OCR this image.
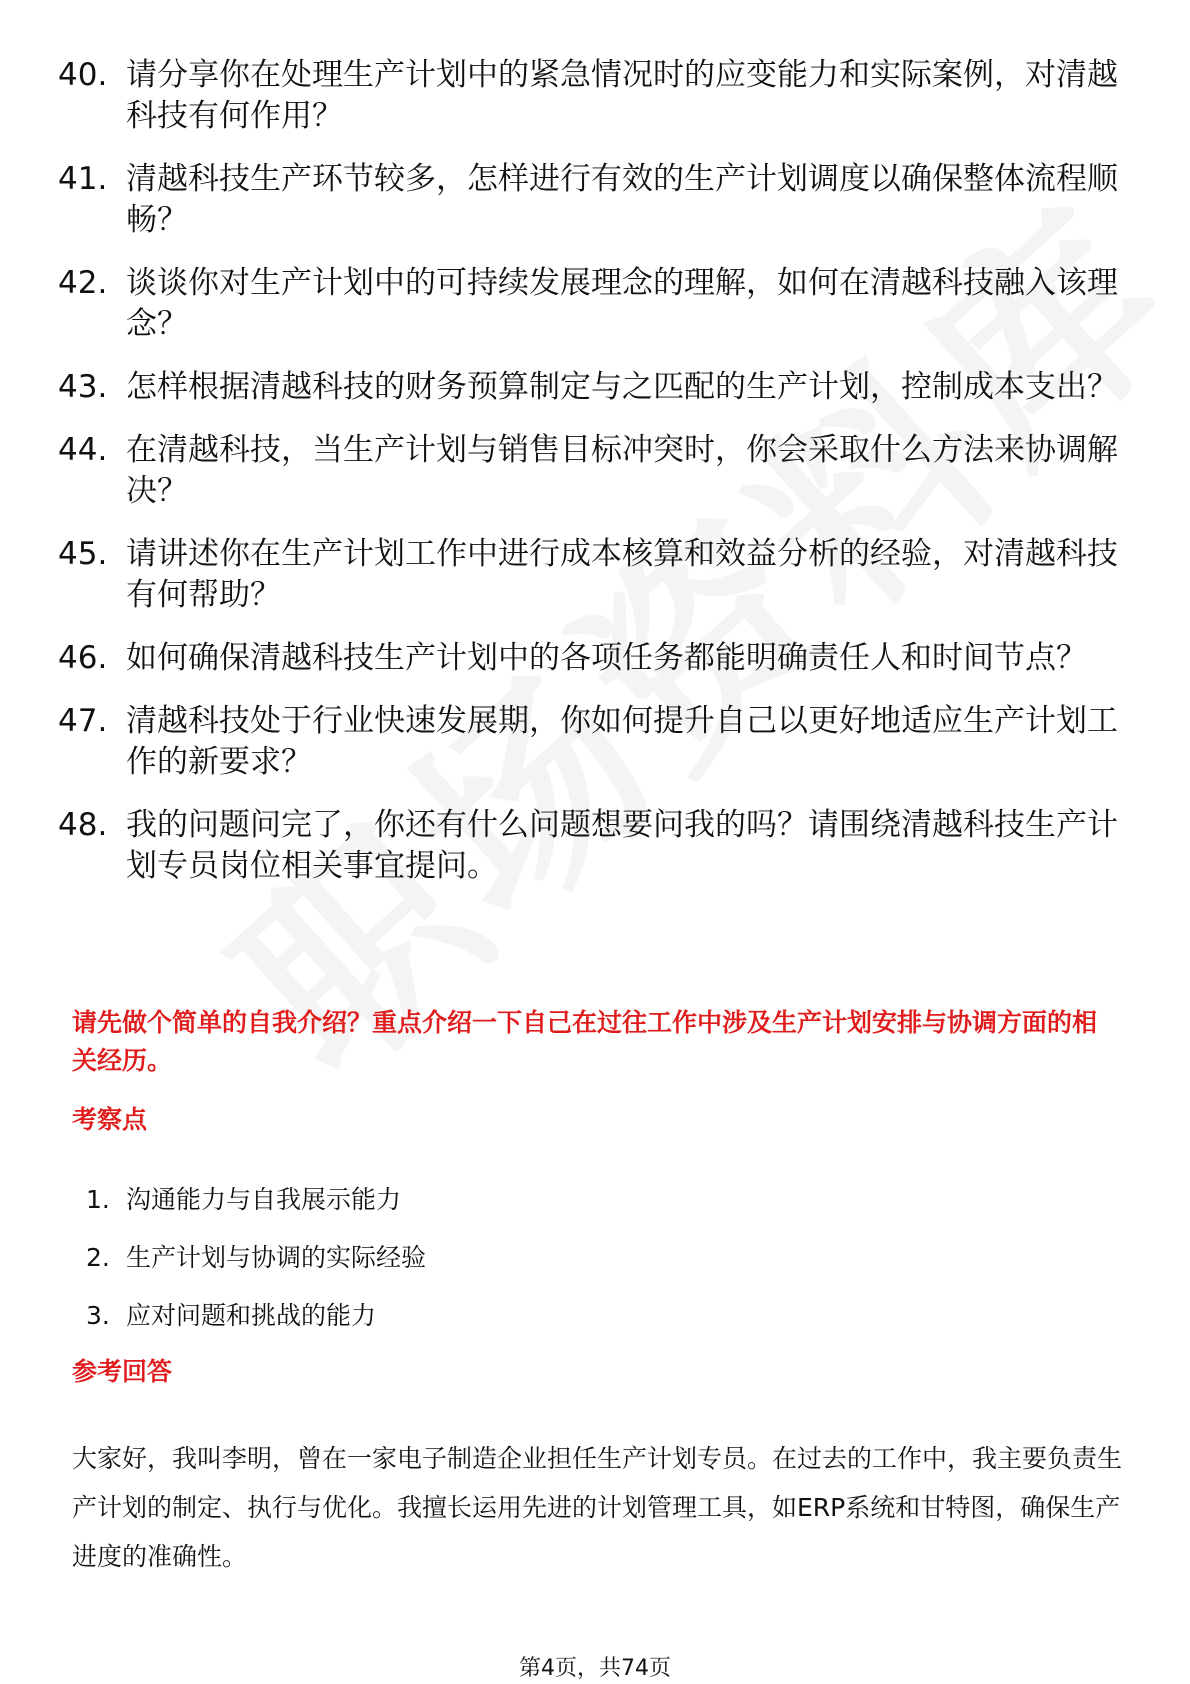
40. 请分享你在处理生产计划中的紧急情况时的应变能力和实际案例，对清越科技有何作用？
41. 清越科技生产环节较多，怎样进行有效的生产计划调度以确保整体流程顺畅？
42. 谈谈你对生产计划中的可持续发展理念的理解，如何在清越科技融入该理念？
43. 怎样根据清越科技的财务预算制定与之匹配的生产计划，控制成本支出？
44. 在清越科技，当生产计划与销售目标冲突时，你会采取什么方法来协调解决？
45. 请讲述你在生产计划工作中进行成本核算和效益分析的经验，对清越科技有何帮助？
46. 如何确保清越科技生产计划中的各项任务都能明确责任人和时间节点？
47. 清越科技处于行业快速发展期，你如何提升自己以更好地适应生产计划工作的新要求？
48. 我的问题问完了，你还有什么问题想要问我的吗？请围绕清越科技生产计划专员岗位相关事宜提问。
请先做个简单的自我介绍？重点介绍一下自己在过往工作中涉及生产计划安排与协调方面的相关经历。
考察点
1. 沟通能力与自我展示能力
2. 生产计划与协调的实际经验
3. 应对问题和挑战的能力
参考回答
大家好，我叫李明，曾在一家电子制造企业担任生产计划专员。在过去的工作中，我主要负责生产计划的制定、执行与优化。我擅长运用先进的计划管理工具，如ERP系统和甘特图，确保生产进度的准确性。
第4页，共74页
